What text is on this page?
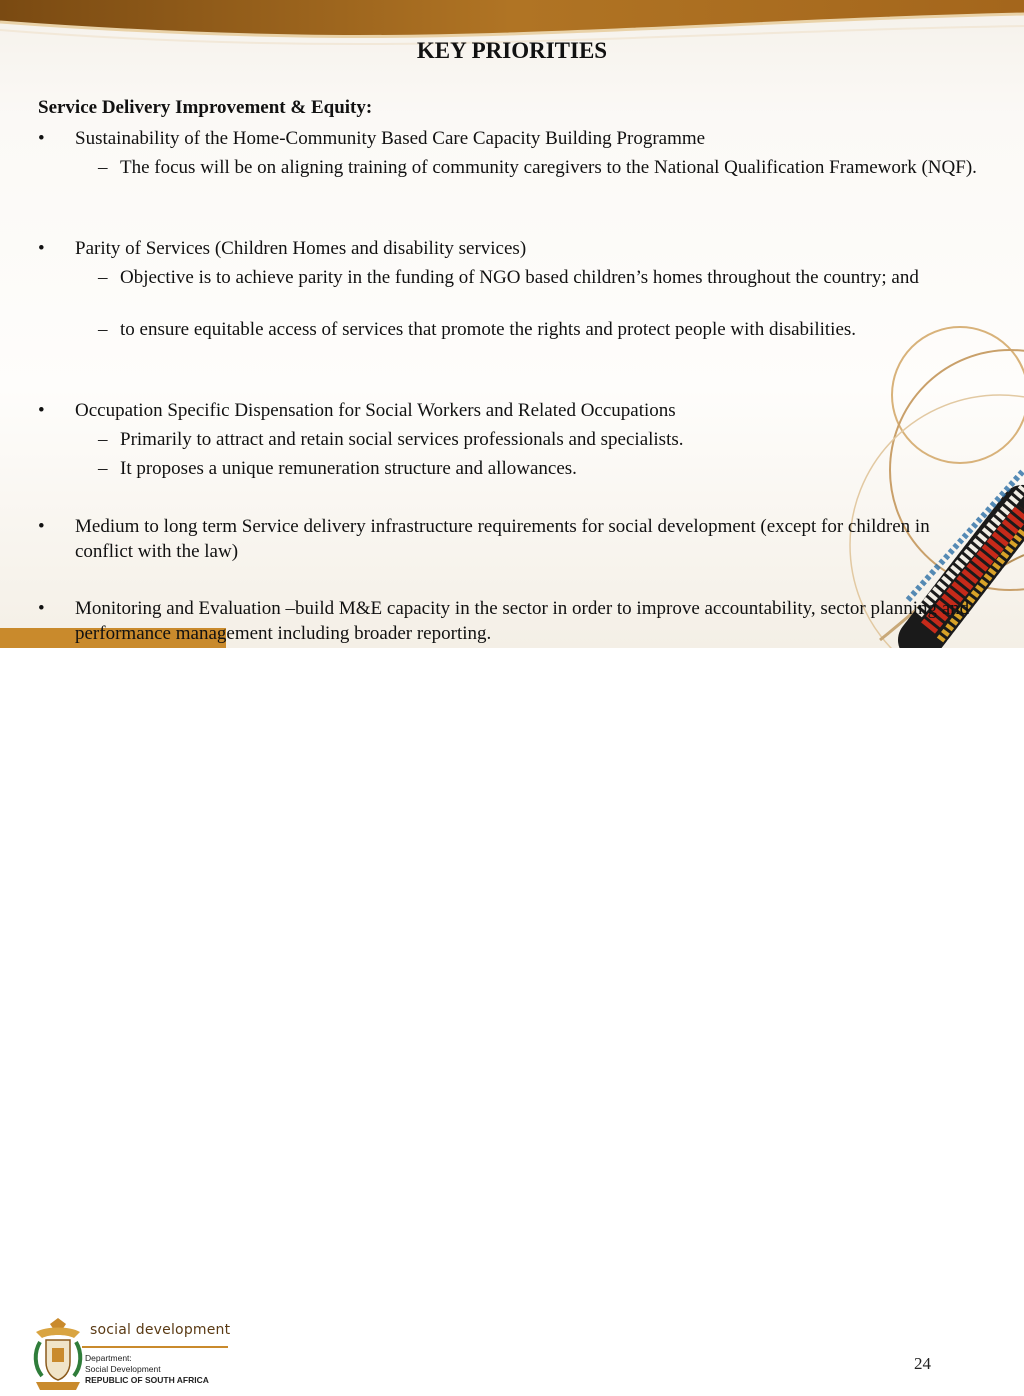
KEY PRIORITIES
Service Delivery Improvement & Equity:
• Sustainability of the Home-Community Based Care Capacity Building Programme
– The focus will be on aligning training of community caregivers to the National Qualification Framework (NQF).
• Parity of Services (Children Homes and disability services)
– Objective is to achieve parity in the funding of NGO based children’s homes throughout the country; and
– to ensure equitable access of services that promote the rights and protect people with disabilities.
• Occupation Specific Dispensation for Social Workers and Related Occupations
– Primarily to attract and retain social services professionals and specialists.
– It proposes a unique remuneration structure and allowances.
• Medium to long term Service delivery infrastructure requirements for social development (except for children in conflict with the law)
• Monitoring and Evaluation –build M&E capacity in the sector in order to improve accountability, sector planning and performance management including broader reporting.
social development
Department:
Social Development
REPUBLIC OF SOUTH AFRICA
24
